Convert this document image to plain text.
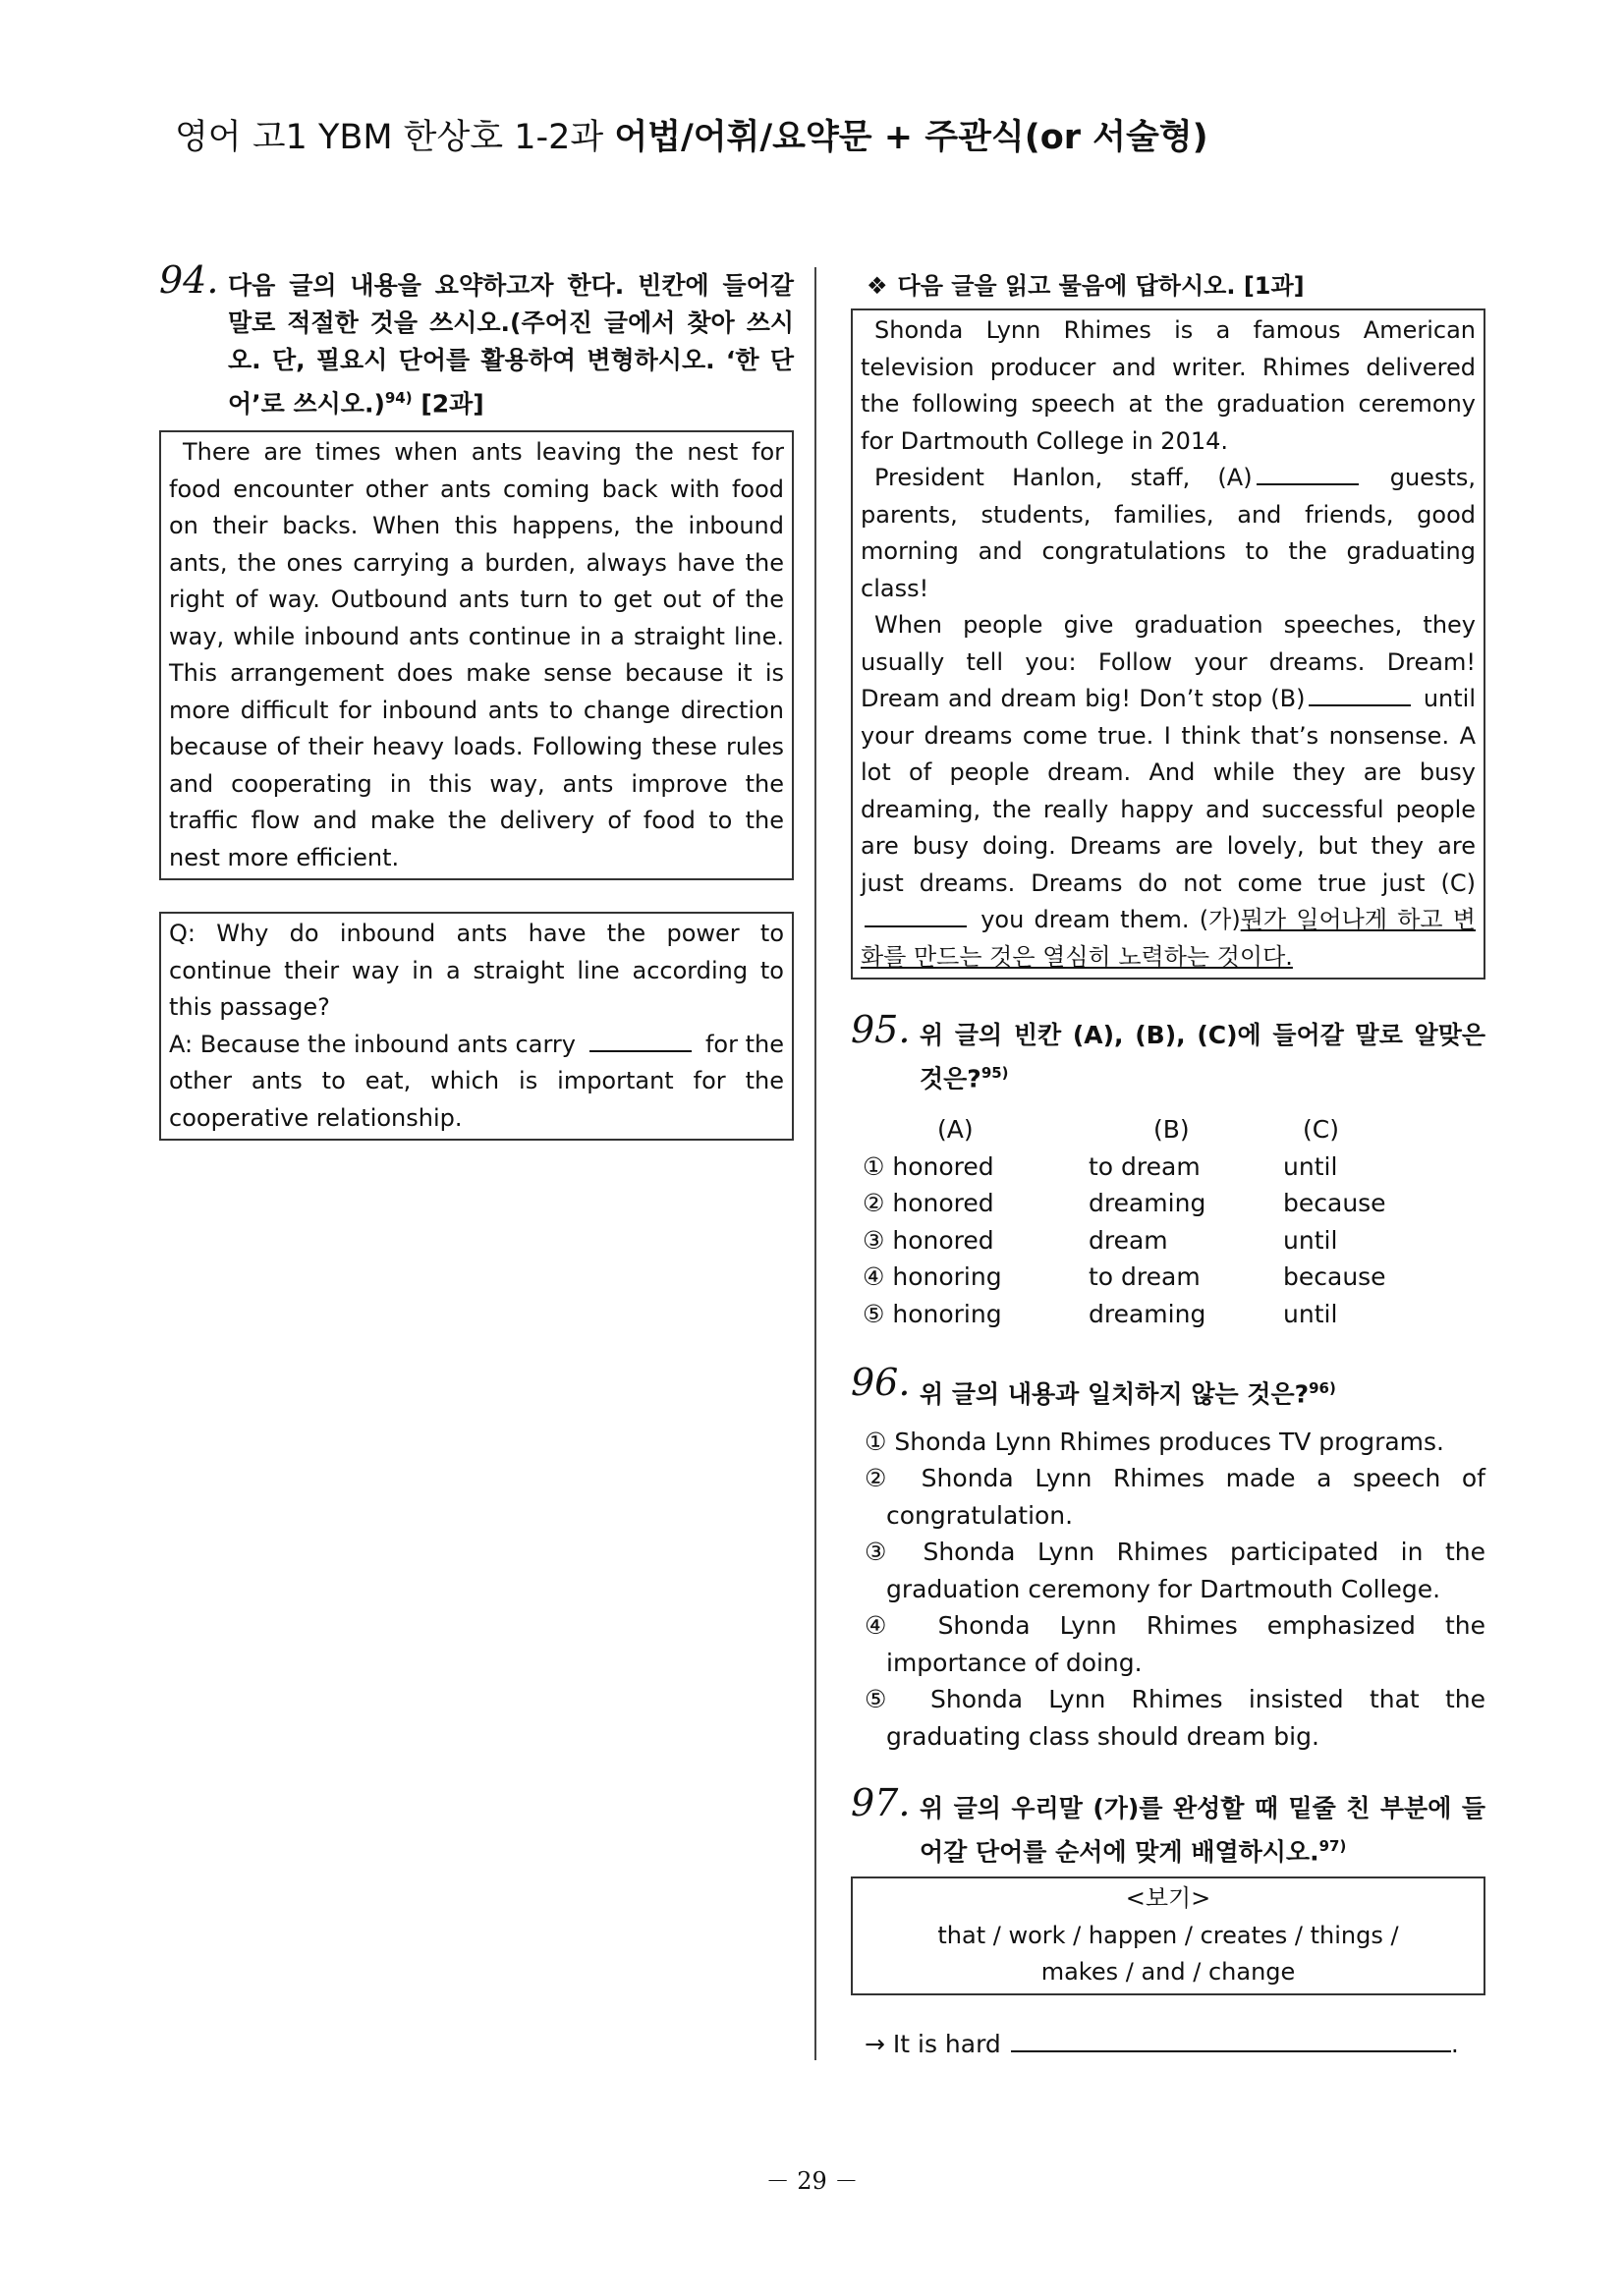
영어 고1 YBM 한상호 1-2과 어법/어휘/요약문 + 주관식(or 서술형)
94. 다음 글의 내용을 요약하고자 한다. 빈칸에 들어갈 말로 적절한 것을 쓰시오.(주어진 글에서 찾아 쓰시오. 단, 필요시 단어를 활용하여 변형하시오. ‘한 단어’로 쓰시오.)$^{94)}$ [2과]

There are times when ants leaving the nest for food encounter other ants coming back with food on their backs. When this happens, the inbound ants, the ones carrying a burden, always have the right of way. Outbound ants turn to get out of the way, while inbound ants continue in a straight line. This arrangement does make sense because it is more difficult for inbound ants to change direction because of their heavy loads. Following these rules and cooperating in this way, ants improve the traffic flow and make the delivery of food to the nest more efficient.

Q: Why do inbound ants have the power to continue their way in a straight line according to this passage?
A: Because the inbound ants carry	for the other ants to eat, which is important for the cooperative relationship.
❖ 다음 글을 읽고 물음에 답하시오. [1과]

Shonda Lynn Rhimes is a famous American television producer and writer. Rhimes delivered the following speech at the graduation ceremony for Dartmouth College in 2014.

President Hanlon, staff, (A)	guests, parents, students, families, and friends, good morning and congratulations to the graduating class!

When people give graduation speeches, they usually tell you: Follow your dreams. Dream! Dream and dream big! Don’t stop (B)	until your dreams come true. I think that’s nonsense. A lot of people dream. And while they are busy dreaming, the really happy and successful people are busy doing. Dreams are lovely, but they are just dreams. Dreams do not come true just (C) you dream them. (가)뭔가 일어나게 하고 변화를 만드는 것은 열심히 노력하는 것이다.

95. 위 글의 빈칸 (A), (B), (C)에 들어갈 말로 알맞은 것은?$^{95)}$
(A)	(B)	(C)
① honored	to dream	until
② honored	dreaming	because
③ honored	dream	until
④ honoring	to dream	because
⑤ honoring	dreaming	until
96. 위 글의 내용과 일치하지 않는 것은?$^{96)}$
① Shonda Lynn Rhimes produces TV programs.
② Shonda Lynn Rhimes made a speech of congratulation.
③ Shonda Lynn Rhimes participated in the graduation ceremony for Dartmouth College.
④ Shonda Lynn Rhimes emphasized the importance of doing.
⑤ Shonda Lynn Rhimes insisted that the graduating class should dream big.
97. 위 글의 우리말 (가)를 완성할 때 밑줄 친 부분에 들어갈 단어를 순서에 맞게 배열하시오.$^{97)}$
<보기>
that / work / happen / creates / things /
makes / and / change
→ It is hard	.
－ 29 －
